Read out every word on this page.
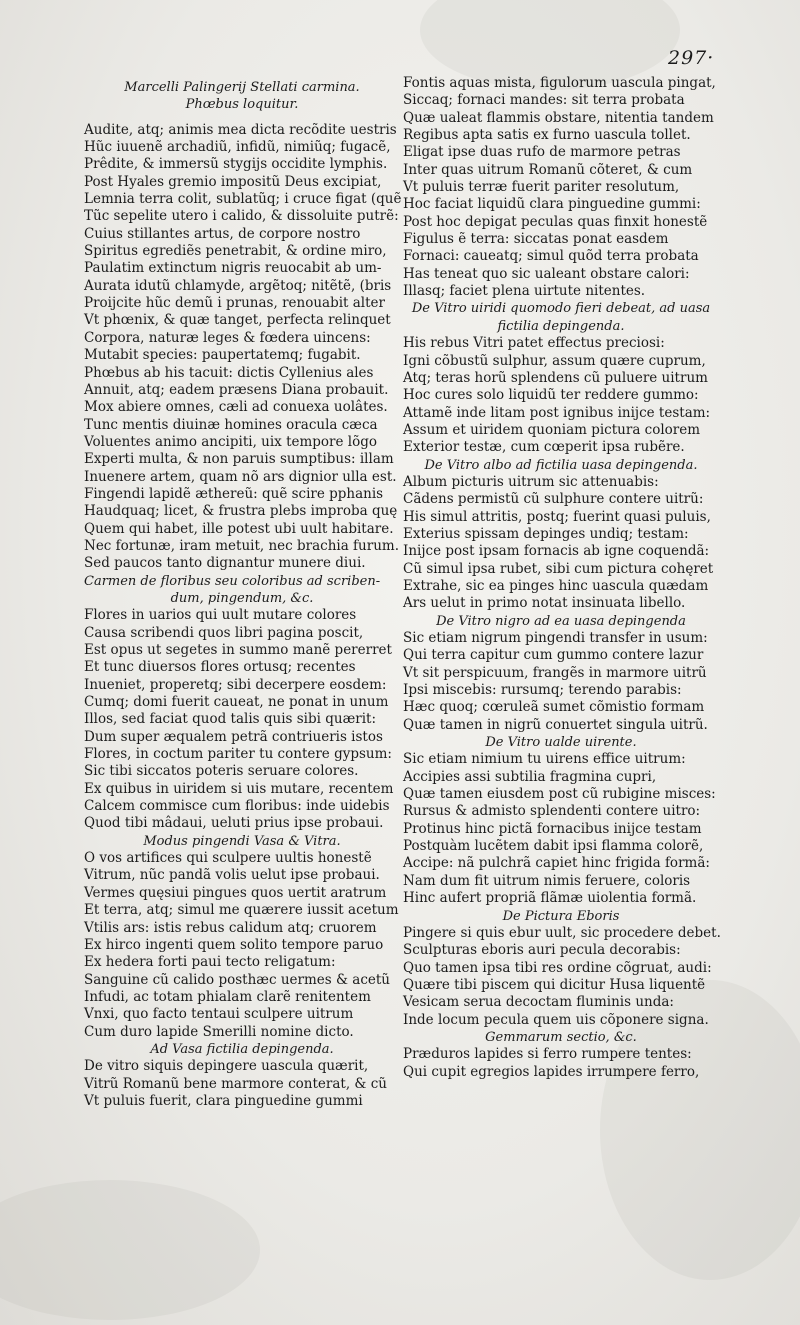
297·
Marcelli Palingerij Stellati carmina.
Phœbus loquitur.
Audite, atq; animis mea dicta recõdite uestris
Hũc iuuenẽ archadiũ, infidũ, nimiũq; fugacẽ,
Prêdite, & immersũ stygijs occidite lymphis.
Post Hyales gremio impositũ Deus excipiat,
Lemnia terra colit, sublatũq; i cruce figat (quẽ
Tũc sepelite utero i calido, & dissoluite putrẽ:
Cuius stillantes artus, de corpore nostro
Spiritus egrediẽs penetrabit, & ordine miro,
Paulatim extinctum nigris reuocabit ab um-
Aurata idutũ chlamyde, argẽtoq; nitẽtẽ, (bris
Proijcite hũc demũ i prunas, renouabit alter
Vt phœnix, & quæ tanget, perfecta relinquet
Corpora, naturæ leges & fœdera uincens:
Mutabit species: paupertatemq; fugabit.
Phœbus ab his tacuit: dictis Cyllenius ales
Annuit, atq; eadem præsens Diana probauit.
Mox abiere omnes, cæli ad conuexa uolâtes.
Tunc mentis diuinæ homines oracula cæca
Voluentes animo ancipiti, uix tempore lõgo
Experti multa, & non paruis sumptibus: illam
Inuenere artem, quam nõ ars dignior ulla est.
Fingendi lapidẽ æthereũ: quẽ scire pphanis
Haudquaq; licet, & frustra plebs improba quę
Quem qui habet, ille potest ubi uult habitare.
Nec fortunæ, iram metuit, nec brachia furum.
Sed paucos tanto dignantur munere diui.
Carmen de floribus seu coloribus ad scriben-
dum, pingendum, &c.
Flores in uarios qui uult mutare colores
Causa scribendi quos libri pagina poscit,
Est opus ut segetes in summo manẽ pererret
Et tunc diuersos flores ortusq; recentes
Inueniet, properetq; sibi decerpere eosdem:
Cumq; domi fuerit caueat, ne ponat in unum
Illos, sed faciat quod talis quis sibi quærit:
Dum super æqualem petrã contriueris istos
Flores, in coctum pariter tu contere gypsum:
Sic tibi siccatos poteris seruare colores.
Ex quibus in uiridem si uis mutare, recentem
Calcem commisce cum floribus: inde uidebis
Quod tibi mâdaui, ueluti prius ipse probaui.
Modus pingendi Vasa & Vitra.
O vos artifices qui sculpere uultis honestẽ
Vitrum, nũc pandã volis uelut ipse probaui.
Vermes quęsiui pingues quos uertit aratrum
Et terra, atq; simul me quærere iussit acetum
Vtilis ars: istis rebus calidum atq; cruorem
Ex hirco ingenti quem solito tempore paruo
Ex hedera forti paui tecto religatum:
Sanguine cũ calido posthæc uermes & acetũ
Infudi, ac totam phialam clarẽ renitentem
Vnxi, quo facto tentaui sculpere uitrum
Cum duro lapide Smerilli nomine dicto.
Ad Vasa fictilia depingenda.
De vitro siquis depingere uascula quærit,
Vitrũ Romanũ bene marmore conterat, & cũ
Vt puluis fuerit, clara pinguedine gummi
Fontis aquas mista, figulorum uascula pingat,
Siccaq; fornaci mandes: sit terra probata
Quæ ualeat flammis obstare, nitentia tandem
Regibus apta satis ex furno uascula tollet.
Eligat ipse duas rufo de marmore petras
Inter quas uitrum Romanũ cõteret, & cum
Vt puluis terræ fuerit pariter resolutum,
Hoc faciat liquidũ clara pinguedine gummi:
Post hoc depigat peculas quas finxit honestẽ
Figulus ẽ terra: siccatas ponat easdem
Fornaci: caueatq; simul quõd terra probata
Has teneat quo sic ualeant obstare calori:
Illasq; faciet plena uirtute nitentes.
De Vitro uiridi quomodo fieri debeat, ad uasa
fictilia depingenda.
His rebus Vitri patet effectus preciosi:
Igni cõbustũ sulphur, assum quære cuprum,
Atq; teras horũ splendens cũ puluere uitrum
Hoc cures solo liquidũ ter reddere gummo:
Attamẽ inde litam post ignibus inijce testam:
Assum et uiridem quoniam pictura colorem
Exterior testæ, cum cœperit ipsa rubẽre.
De Vitro albo ad fictilia uasa depingenda.
Album picturis uitrum sic attenuabis:
Cãdens permistũ cũ sulphure contere uitrũ:
His simul attritis, postq; fuerint quasi puluis,
Exterius spissam depinges undiq; testam:
Inijce post ipsam fornacis ab igne coquendã:
Cũ simul ipsa rubet, sibi cum pictura cohęret
Extrahe, sic ea pinges hinc uascula quædam
Ars uelut in primo notat insinuata libello.
De Vitro nigro ad ea uasa depingenda
Sic etiam nigrum pingendi transfer in usum:
Qui terra capitur cum gummo contere lazur
Vt sit perspicuum, frangẽs in marmore uitrũ
Ipsi miscebis: rursumq; terendo parabis:
Hæc quoq; cœruleã sumet cõmistio formam
Quæ tamen in nigrũ conuertet singula uitrũ.
De Vitro ualde uirente.
Sic etiam nimium tu uirens effice uitrum:
Accipies assi subtilia fragmina cupri,
Quæ tamen eiusdem post cũ rubigine misces:
Rursus & admisto splendenti contere uitro:
Protinus hinc pictã fornacibus inijce testam
Postquàm lucẽtem dabit ipsi flamma colorẽ,
Accipe: nã pulchrã capiet hinc frigida formã:
Nam dum fit uitrum nimis feruere, coloris
Hinc aufert propriã flãmæ uiolentia formã.
De Pictura Eboris
Pingere si quis ebur uult, sic procedere debet.
Sculpturas eboris auri pecula decorabis:
Quo tamen ipsa tibi res ordine cõgruat, audi:
Quære tibi piscem qui dicitur Husa liquentẽ
Vesicam serua decoctam fluminis unda:
Inde locum pecula quem uis cõponere signa.
Gemmarum sectio, &c.
Præduros lapides si ferro rumpere tentes:
Qui cupit egregios lapides irrumpere ferro,
